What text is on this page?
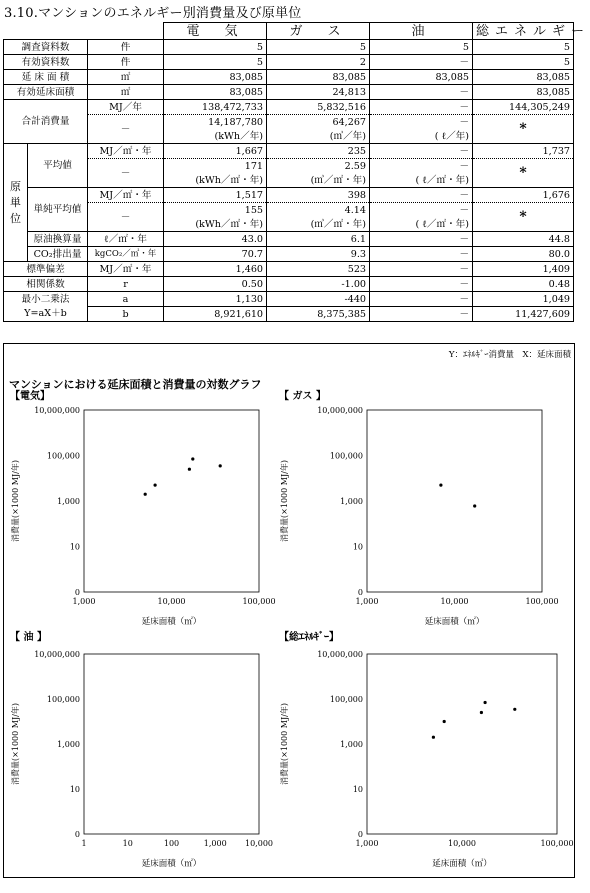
3.10.マンションのエネルギー別消費量及び原単位
			電　気	ガ　ス	油	総エネルギー
調査資料数		件	5	5	5	5
有効資料数		件	5	2	－	5
延 床 面 積		㎡	83,085	83,085	83,085	83,085
有効延床面積		㎡	83,085	24,813	－	83,085
合計消費量		MJ／年	138,472,733	5,832,516	－	144,305,249
		－	14,187,780	64,267	－	*
			(kWh／年)	(㎥／年)	( ℓ／年)	
原 単 位	平均値	MJ／㎡・年	1,667	235	－	1,737
		－	171	2.59	－	*
			(kWh／㎡・年)	(㎥／㎡・年)	( ℓ／㎡・年)	
	単純平均値	MJ／㎡・年	1,517	398	－	1,676
		－	155	4.14	－	*
			(kWh／㎡・年)	(㎥／㎡・年)	( ℓ／㎡・年)	
	原油換算量	ℓ／㎡・年	43.0	6.1	－	44.8
	CO₂排出量	kgCO₂／㎡・年	70.7	9.3	－	80.0
標準偏差		MJ／㎡・年	1,460	523	－	1,409
相関係数		r	0.50	-1.00	－	0.48
最小二乗法		a	1,130	-440	－	1,049
Y=aX＋b		b	8,921,610	8,375,385	－	11,427,609
マンションにおける延床面積と消費量の対数グラフ
【電気】
0
10
1,000
100,000
10,000,000
1,000	10,000	100,000
延床面積（㎡）
消費量(×1000 MJ/年)
【 ガス 】
0
10
1,000
100,000
10,000,000
1,000	10,000	100,000
延床面積（㎡）
消費量(×1000 MJ/年)
【 油 】
0
10
1,000
100,000
10,000,000
1	10	100	1,000 10,000
延床面積（㎡）
消費量(×1000 MJ/年)
【総ｴﾈﾙｷﾞｰ】
0
10
1,000
100,000
10,000,000
1,000	10,000	100,000
延床面積（㎡）
消費量(×1000 MJ/年)
Y：ｴﾈﾙｷﾞｰ消費量　X：延床面積
